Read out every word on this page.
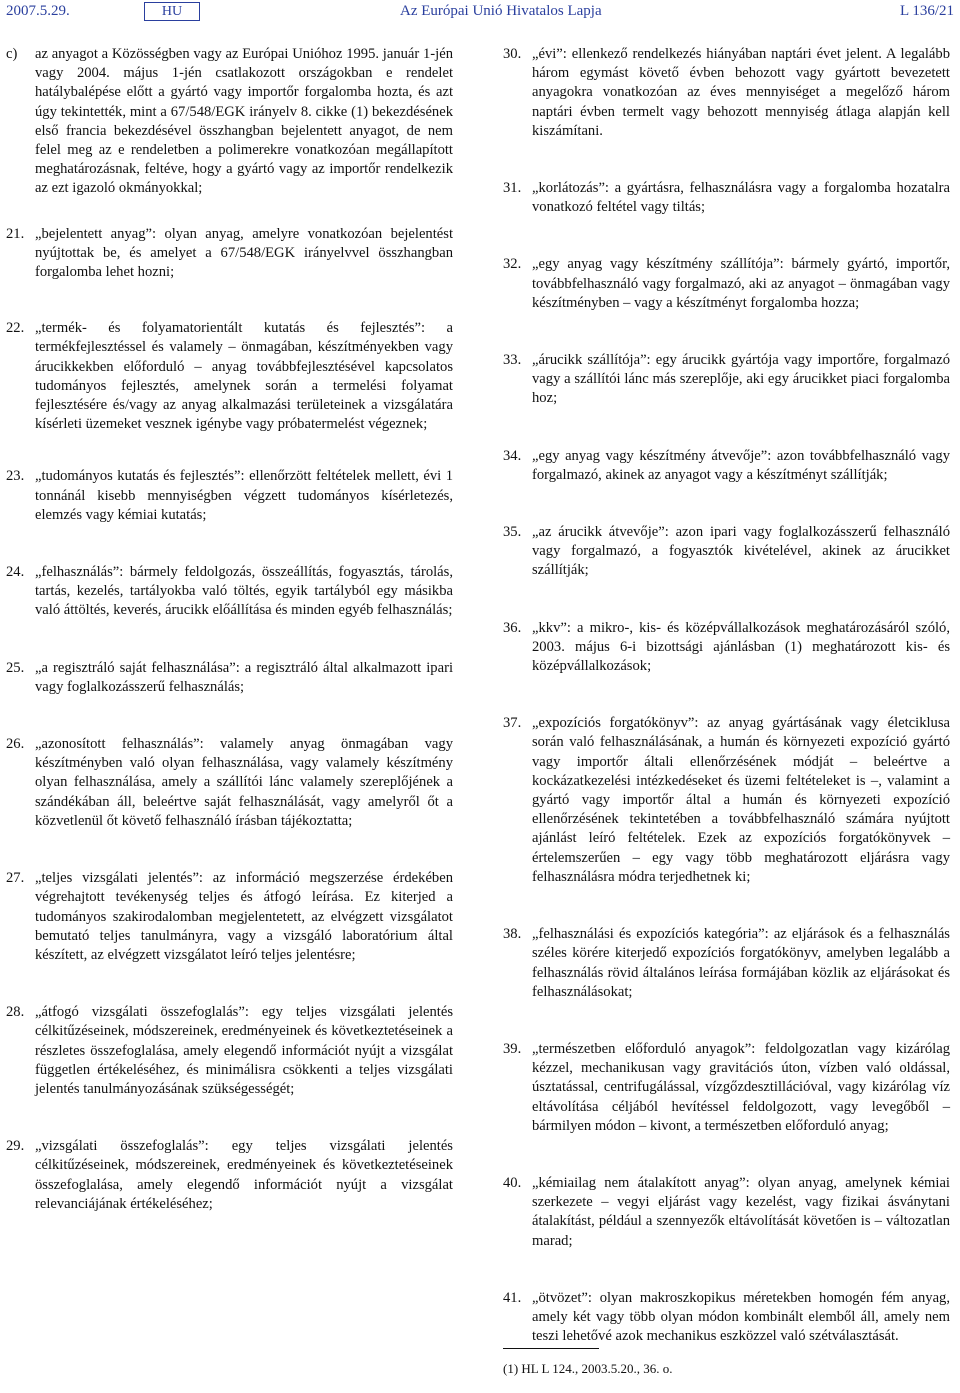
2007.5.29.	HU	Az Európai Unió Hivatalos Lapja	L 136/21

c) az anyagot a Közösségben vagy az Európai Unióhoz 1995. január 1-jén vagy 2004. május 1-jén csatlakozott országokban e rendelet hatálybalépése előtt a gyártó vagy importőr forgalomba hozta, és azt úgy tekintették, mint a 67/548/EGK irányelv 8. cikke (1) bekezdésének első francia bekezdésével összhangban bejelentett anyagot, de nem felel meg az e rendeletben a polimerekre vonatkozóan megállapított meghatározásnak, feltéve, hogy a gyártó vagy az importőr rendelkezik az ezt igazoló okmányokkal;

21. „bejelentett anyag”: olyan anyag, amelyre vonatkozóan bejelentést nyújtottak be, és amelyet a 67/548/EGK irányelvvel összhangban forgalomba lehet hozni;

22. „termék- és folyamatorientált kutatás és fejlesztés”: a termékfejlesztéssel és valamely – önmagában, készítményekben vagy árucikkekben előforduló – anyag továbbfejlesztésével kapcsolatos tudományos fejlesztés, amelynek során a termelési folyamat fejlesztésére és/vagy az anyag alkalmazási területeinek a vizsgálatára kísérleti üzemeket vesznek igénybe vagy próbatermelést végeznek;

23. „tudományos kutatás és fejlesztés”: ellenőrzött feltételek mellett, évi 1 tonnánál kisebb mennyiségben végzett tudományos kísérletezés, elemzés vagy kémiai kutatás;

24. „felhasználás”: bármely feldolgozás, összeállítás, fogyasztás, tárolás, tartás, kezelés, tartályokba való töltés, egyik tartályból egy másikba való áttöltés, keverés, árucikk előállítása és minden egyéb felhasználás;

25. „a regisztráló saját felhasználása”: a regisztráló által alkalmazott ipari vagy foglalkozásszerű felhasználás;

26. „azonosított felhasználás”: valamely anyag önmagában vagy készítményben való olyan felhasználása, vagy valamely készítmény olyan felhasználása, amely a szállítói lánc valamely szereplőjének a szándékában áll, beleértve saját felhasználását, vagy amelyről őt a közvetlenül őt követő felhasználó írásban tájékoztatta;

27. „teljes vizsgálati jelentés”: az információ megszerzése érdekében végrehajtott tevékenység teljes és átfogó leírása. Ez kiterjed a tudományos szakirodalomban megjelentetett, az elvégzett vizsgálatot bemutató teljes tanulmányra, vagy a vizsgáló laboratórium által készített, az elvégzett vizsgálatot leíró teljes jelentésre;

28. „átfogó vizsgálati összefoglalás”: egy teljes vizsgálati jelentés célkitűzéseinek, módszereinek, eredményeinek és következtetéseinek a részletes összefoglalása, amely elegendő információt nyújt a vizsgálat független értékeléséhez, és minimálisra csökkenti a teljes vizsgálati jelentés tanulmányozásának szükségességét;

29. „vizsgálati összefoglalás”: egy teljes vizsgálati jelentés célkitűzéseinek, módszereinek, eredményeinek és következtetéseinek összefoglalása, amely elegendő információt nyújt a vizsgálat relevanciájának értékeléséhez;

30. „évi”: ellenkező rendelkezés hiányában naptári évet jelent. A legalább három egymást követő évben behozott vagy gyártott bevezetett anyagokra vonatkozóan az éves mennyiséget a megelőző három naptári évben termelt vagy behozott mennyiség átlaga alapján kell kiszámítani.

31. „korlátozás”: a gyártásra, felhasználásra vagy a forgalomba hozatalra vonatkozó feltétel vagy tiltás;

32. „egy anyag vagy készítmény szállítója”: bármely gyártó, importőr, továbbfelhasználó vagy forgalmazó, aki az anyagot – önmagában vagy készítményben – vagy a készítményt forgalomba hozza;

33. „árucikk szállítója”: egy árucikk gyártója vagy importőre, forgalmazó vagy a szállítói lánc más szereplője, aki egy árucikket piaci forgalomba hoz;

34. „egy anyag vagy készítmény átvevője”: azon továbbfelhasználó vagy forgalmazó, akinek az anyagot vagy a készítményt szállítják;

35. „az árucikk átvevője”: azon ipari vagy foglalkozásszerű felhasználó vagy forgalmazó, a fogyasztók kivételével, akinek az árucikket szállítják;

36. „kkv”: a mikro-, kis- és középvállalkozások meghatározásáról szóló, 2003. május 6-i bizottsági ajánlásban (1) meghatározott kis- és középvállalkozások;

37. „expozíciós forgatókönyv”: az anyag gyártásának vagy életciklusa során való felhasználásának, a humán és környezeti expozíció gyártó vagy importőr általi ellenőrzésének módját – beleértve a kockázatkezelési intézkedéseket és üzemi feltételeket is –, valamint a gyártó vagy importőr által a humán és környezeti expozíció ellenőrzésének tekintetében a továbbfelhasználó számára nyújtott ajánlást leíró feltételek. Ezek az expozíciós forgatókönyvek – értelemszerűen – egy vagy több meghatározott eljárásra vagy felhasználásra módra terjedhetnek ki;

38. „felhasználási és expozíciós kategória”: az eljárások és a felhasználás széles körére kiterjedő expozíciós forgatókönyv, amelyben legalább a felhasználás rövid általános leírása formájában közlik az eljárásokat és felhasználásokat;

39. „természetben előforduló anyagok”: feldolgozatlan vagy kizárólag kézzel, mechanikusan vagy gravitációs úton, vízben való oldással, úsztatással, centrifugálással, vízgőzdesztillációval, vagy kizárólag víz eltávolítása céljából hevítéssel feldolgozott, vagy levegőből – bármilyen módon – kivont, a természetben előforduló anyag;

40. „kémiailag nem átalakított anyag”: olyan anyag, amelynek kémiai szerkezete – vegyi eljárást vagy kezelést, vagy fizikai ásványtani átalakítást, például a szennyezők eltávolítását követően is – változatlan marad;

41. „ötvözet”: olyan makroszkopikus méretekben homogén fém anyag, amely két vagy több olyan módon kombinált elemből áll, amely nem teszi lehetővé azok mechanikus eszközzel való szétválasztását.

(1) HL L 124., 2003.5.20., 36. o.
